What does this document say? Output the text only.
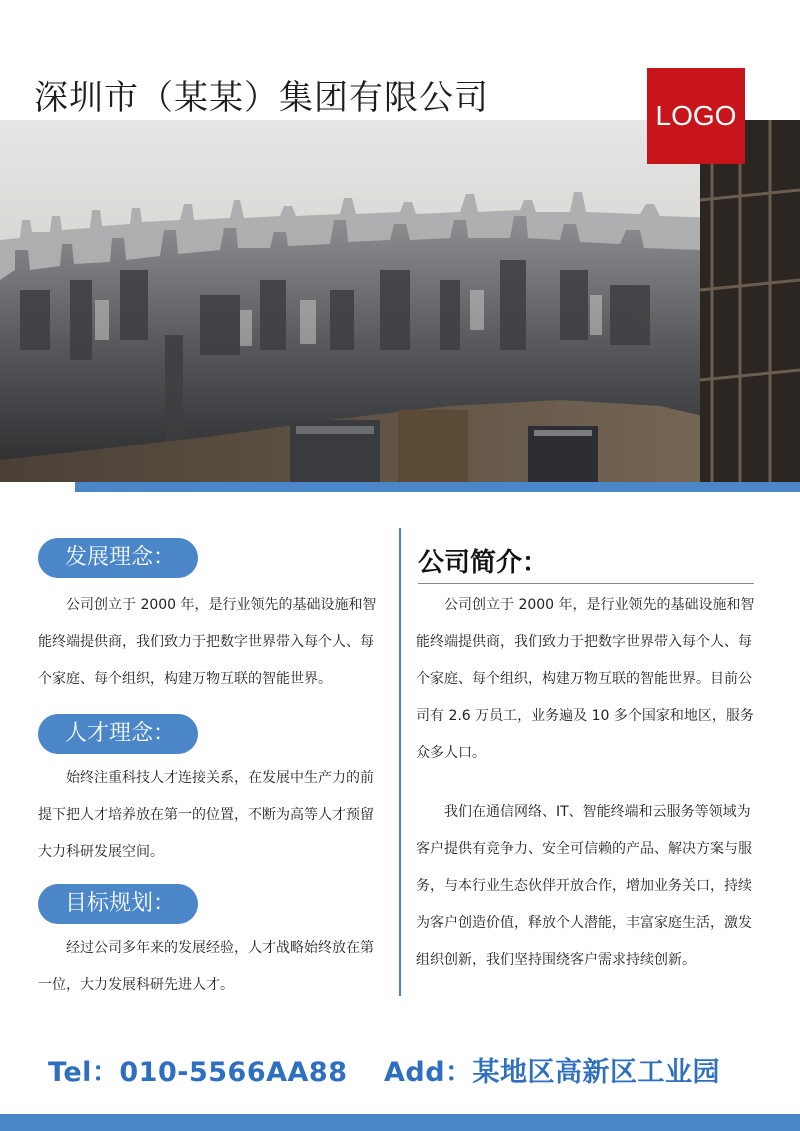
深圳市（某某）集团有限公司	LOGO
发展理念：

公司创立于 2000 年，是行业领先的基础设施和智能终端提供商，我们致力于把数字世界带入每个人、每个家庭、每个组织，构建万物互联的智能世界。

人才理念：

始终注重科技人才连接关系，在发展中生产力的前提下把人才培养放在第一的位置，不断为高等人才预留大力科研发展空间。

目标规划：

经过公司多年来的发展经验，人才战略始终放在第一位，大力发展科研先进人才。

公司简介：

公司创立于 2000 年，是行业领先的基础设施和智能终端提供商，我们致力于把数字世界带入每个人、每个家庭、每个组织，构建万物互联的智能世界。目前公司有 2.6 万员工，业务遍及 10 多个国家和地区，服务众多人口。

我们在通信网络、IT、智能终端和云服务等领域为客户提供有竞争力、安全可信赖的产品、解决方案与服务，与本行业生态伙伴开放合作，增加业务关口，持续为客户创造价值，释放个人潜能，丰富家庭生活，激发组织创新，我们坚持围绕客户需求持续创新。

Tel：010-5566AA88 Add：某地区高新区工业园
